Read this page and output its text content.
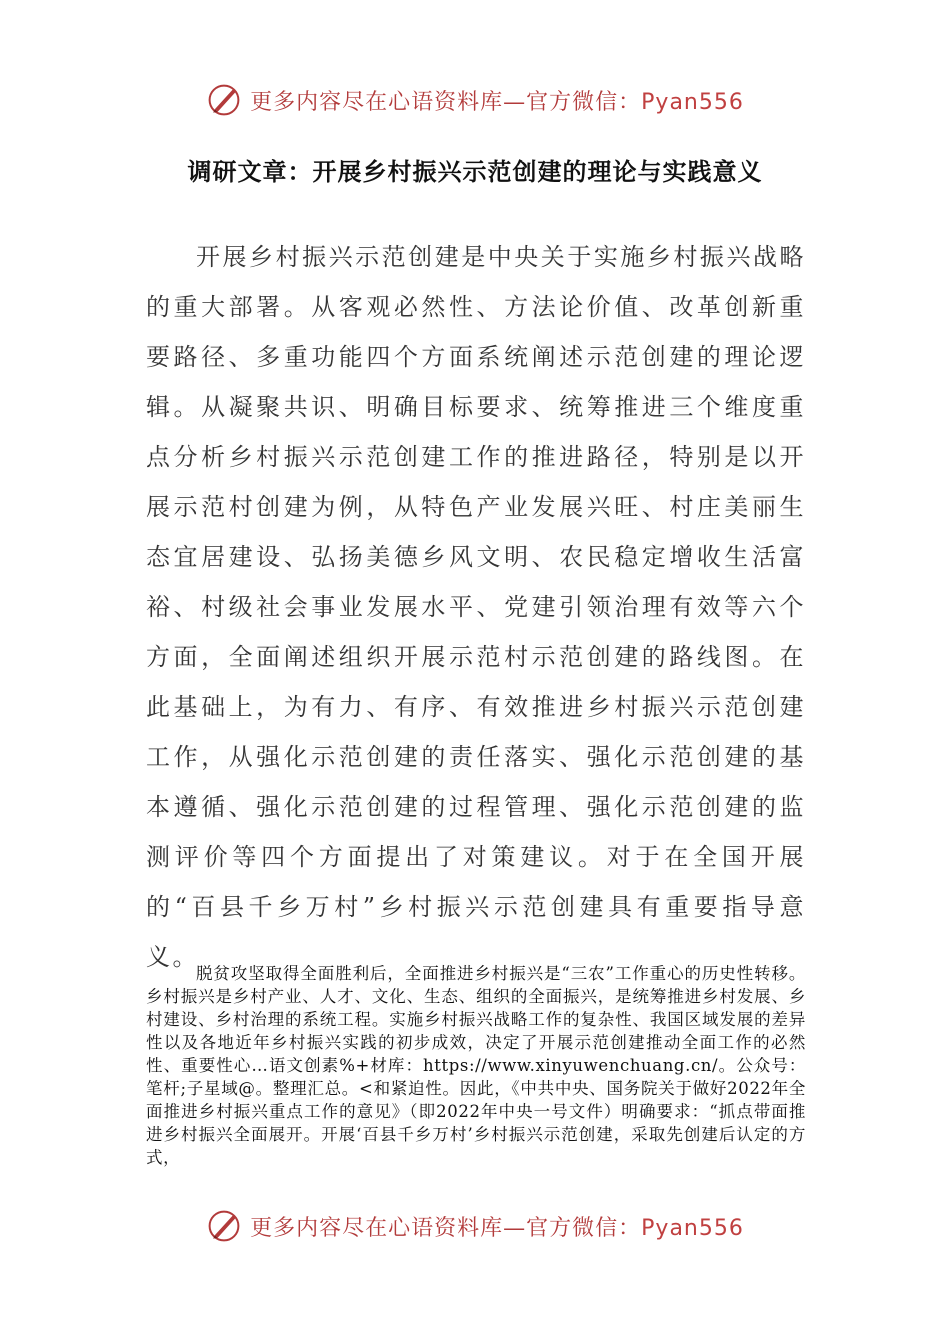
更多内容尽在心语资料库—官方微信：Pyan556
调研文章：开展乡村振兴示范创建的理论与实践意义

开展乡村振兴示范创建是中央关于实施乡村振兴战略的重大部署。从客观必然性、方法论价值、改革创新重要路径、多重功能四个方面系统阐述示范创建的理论逻辑。从凝聚共识、明确目标要求、统筹推进三个维度重点分析乡村振兴示范创建工作的推进路径，特别是以开展示范村创建为例，从特色产业发展兴旺、村庄美丽生态宜居建设、弘扬美德乡风文明、农民稳定增收生活富裕、村级社会事业发展水平、党建引领治理有效等六个方面，全面阐述组织开展示范村示范创建的路线图。在此基础上，为有力、有序、有效推进乡村振兴示范创建工作，从强化示范创建的责任落实、强化示范创建的基本遵循、强化示范创建的过程管理、强化示范创建的监测评价等四个方面提出了对策建议。对于在全国开展的“百县千乡万村”乡村振兴示范创建具有重要指导意义。

脱贫攻坚取得全面胜利后，全面推进乡村振兴是“三农”工作重心的历史性转移。乡村振兴是乡村产业、人才、文化、生态、组织的全面振兴，是统筹推进乡村发展、乡村建设、乡村治理的系统工程。实施乡村振兴战略工作的复杂性、我国区域发展的差异性以及各地近年乡村振兴实践的初步成效，决定了开展示范创建推动全面工作的必然性、重要性心…语文创素%+材库：https://www.xinyuwenchuang.cn/。公众号：笔杆;子星域@。整理汇总。<和紧迫性。因此，《中共中央、国务院关于做好2022年全面推进乡村振兴重点工作的意见》（即2022年中央一号文件）明确要求：“抓点带面推进乡村振兴全面展开。开展‘百县千乡万村’乡村振兴示范创建，采取先创建后认定的方式，

更多内容尽在心语资料库—官方微信：Pyan556
